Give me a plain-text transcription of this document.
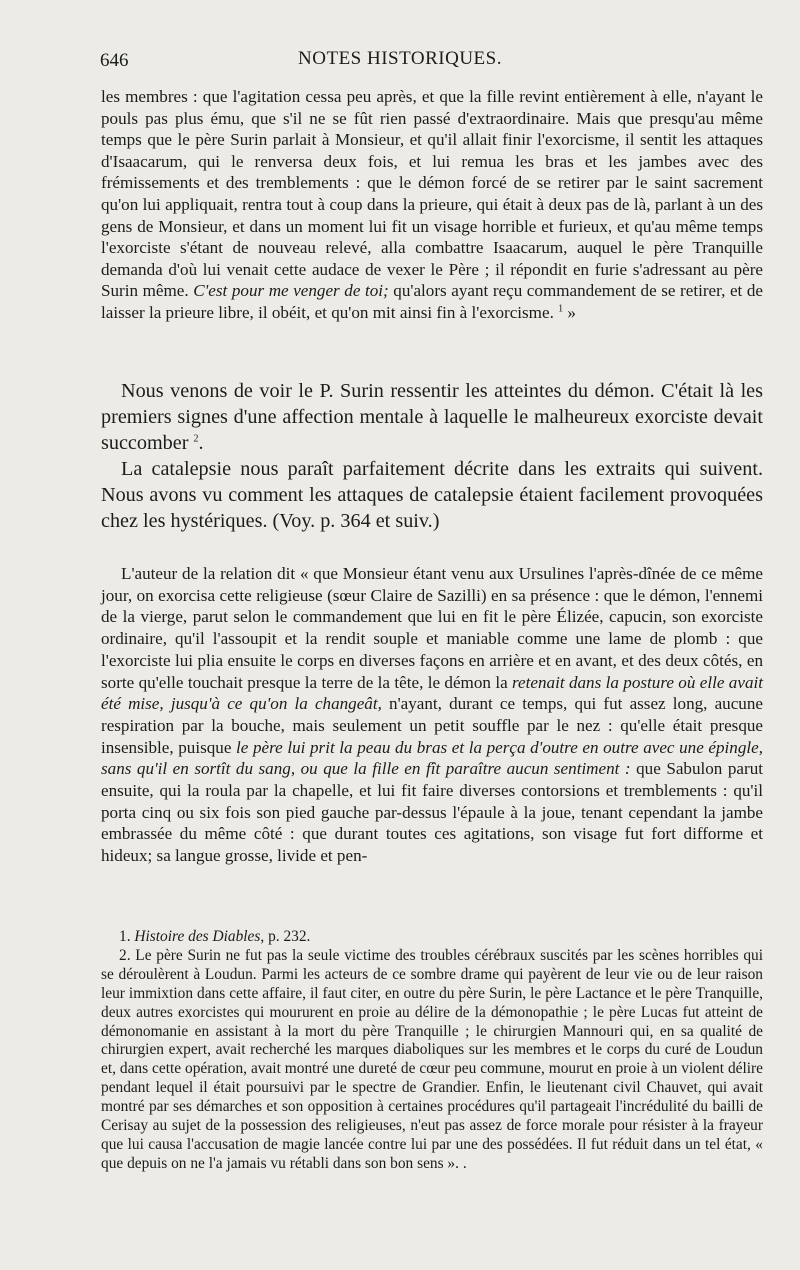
646	NOTES HISTORIQUES.

les membres : que l'agitation cessa peu après, et que la fille revint entièrement à elle, n'ayant le pouls pas plus ému, que s'il ne se fût rien passé d'extraordinaire. Mais que presqu'au même temps que le père Surin parlait à Monsieur, et qu'il allait finir l'exorcisme, il sentit les attaques d'Isaacarum, qui le renversa deux fois, et lui remua les bras et les jambes avec des frémissements et des tremblements : que le démon forcé de se retirer par le saint sacrement qu'on lui appliquait, rentra tout à coup dans la prieure, qui était à deux pas de là, parlant à un des gens de Monsieur, et dans un moment lui fit un visage horrible et furieux, et qu'au même temps l'exorciste s'étant de nouveau relevé, alla combattre Isaacarum, auquel le père Tranquille demanda d'où lui venait cette audace de vexer le Père ; il répondit en furie s'adressant au père Surin même. C'est pour me venger de toi; qu'alors ayant reçu commandement de se retirer, et de laisser la prieure libre, il obéit, et qu'on mit ainsi fin à l'exorcisme. $^1$ »

Nous venons de voir le P. Surin ressentir les atteintes du démon. C'était là les premiers signes d'une affection mentale à laquelle le malheureux exorciste devait succomber $^2$.

La catalepsie nous paraît parfaitement décrite dans les extraits qui suivent. Nous avons vu comment les attaques de catalepsie étaient facilement provoquées chez les hystériques. (Voy. p. 364 et suiv.)

L'auteur de la relation dit « que Monsieur étant venu aux Ursulines l'après-dînée de ce même jour, on exorcisa cette religieuse (sœur Claire de Sazilli) en sa présence : que le démon, l'ennemi de la vierge, parut selon le commandement que lui en fit le père Élizée, capucin, son exorciste ordinaire, qu'il l'assoupit et la rendit souple et maniable comme une lame de plomb : que l'exorciste lui plia ensuite le corps en diverses façons en arrière et en avant, et des deux côtés, en sorte qu'elle touchait presque la terre de la tête, le démon la retenait dans la posture où elle avait été mise, jusqu'à ce qu'on la changeât, n'ayant, durant ce temps, qui fut assez long, aucune respiration par la bouche, mais seulement un petit souffle par le nez : qu'elle était presque insensible, puisque le père lui prit la peau du bras et la perça d'outre en outre avec une épingle, sans qu'il en sortît du sang, ou que la fille en fît paraître aucun sentiment : que Sabulon parut ensuite, qui la roula par la chapelle, et lui fit faire diverses contorsions et tremblements : qu'il porta cinq ou six fois son pied gauche par-dessus l'épaule à la joue, tenant cependant la jambe embrassée du même côté : que durant toutes ces agitations, son visage fut fort difforme et hideux; sa langue grosse, livide et pen-

1. Histoire des Diables, p. 232.

2. Le père Surin ne fut pas la seule victime des troubles cérébraux suscités par les scènes horribles qui se déroulèrent à Loudun. Parmi les acteurs de ce sombre drame qui payèrent de leur vie ou de leur raison leur immixtion dans cette affaire, il faut citer, en outre du père Surin, le père Lactance et le père Tranquille, deux autres exorcistes qui moururent en proie au délire de la démonopathie ; le père Lucas fut atteint de démonomanie en assistant à la mort du père Tranquille ; le chirurgien Mannouri qui, en sa qualité de chirurgien expert, avait recherché les marques diaboliques sur les membres et le corps du curé de Loudun et, dans cette opération, avait montré une dureté de cœur peu commune, mourut en proie à un violent délire pendant lequel il était poursuivi par le spectre de Grandier. Enfin, le lieutenant civil Chauvet, qui avait montré par ses démarches et son opposition à certaines procédures qu'il partageait l'incrédulité du bailli de Cerisay au sujet de la possession des religieuses, n'eut pas assez de force morale pour résister à la frayeur que lui causa l'accusation de magie lancée contre lui par une des possédées. Il fut réduit dans un tel état, « que depuis on ne l'a jamais vu rétabli dans son bon sens ». .
